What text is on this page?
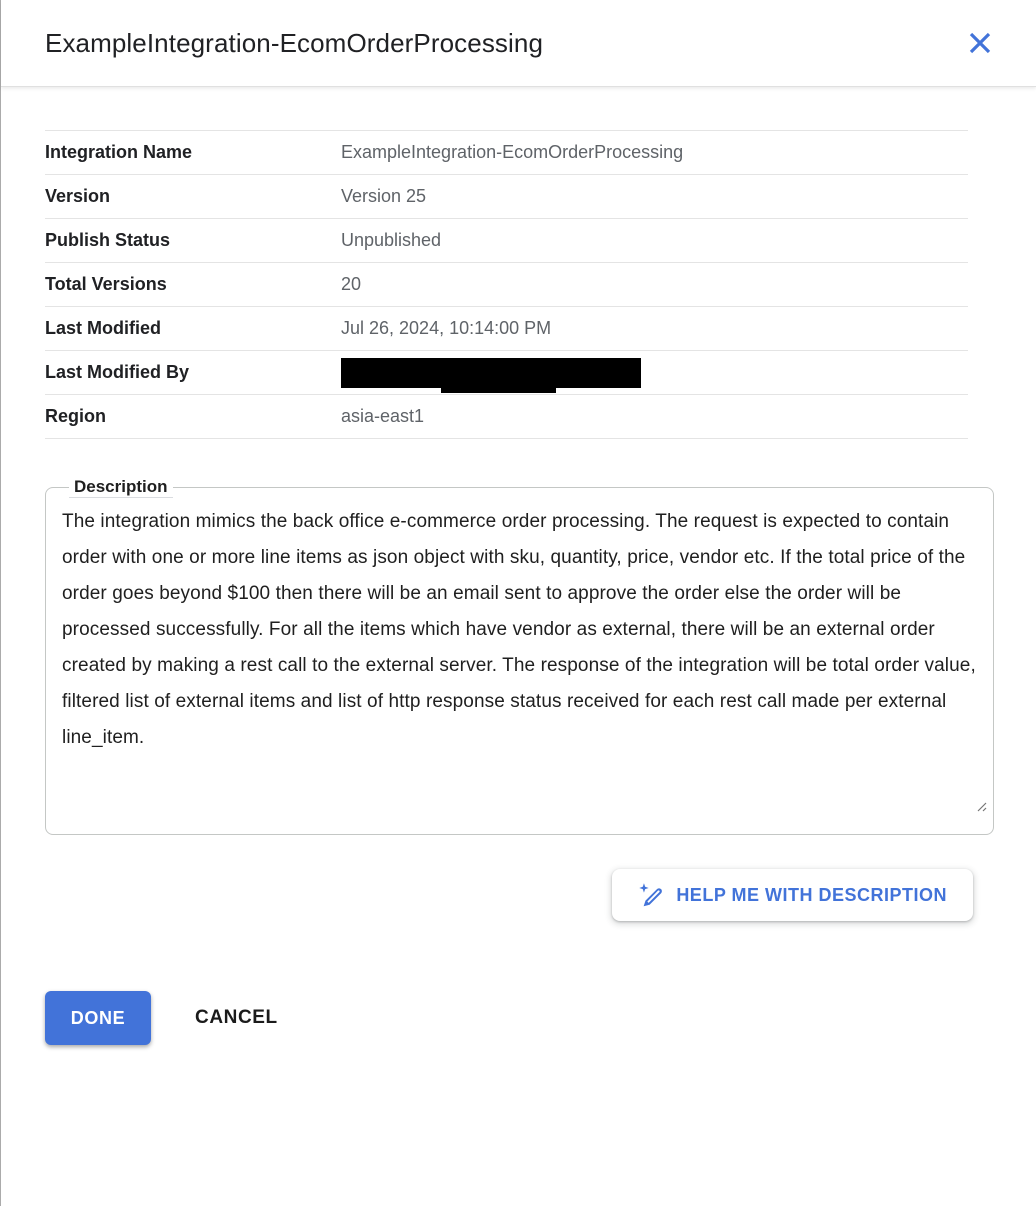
ExampleIntegration-EcomOrderProcessing
Integration Name	ExampleIntegration-EcomOrderProcessing
Version	Version 25
Publish Status	Unpublished
Total Versions	20
Last Modified	Jul 26, 2024, 10:14:00 PM
Last Modified By
Region	asia-east1
Description
The integration mimics the back office e-commerce order processing. The request is expected to contain order with one or more line items as json object with sku, quantity, price, vendor etc. If the total price of the order goes beyond $100 then there will be an email sent to approve the order else the order will be processed successfully. For all the items which have vendor as external, there will be an external order created by making a rest call to the external server. The response of the integration will be total order value, filtered list of external items and list of http response status received for each rest call made per external line_item.
HELP ME WITH DESCRIPTION
DONE	CANCEL
